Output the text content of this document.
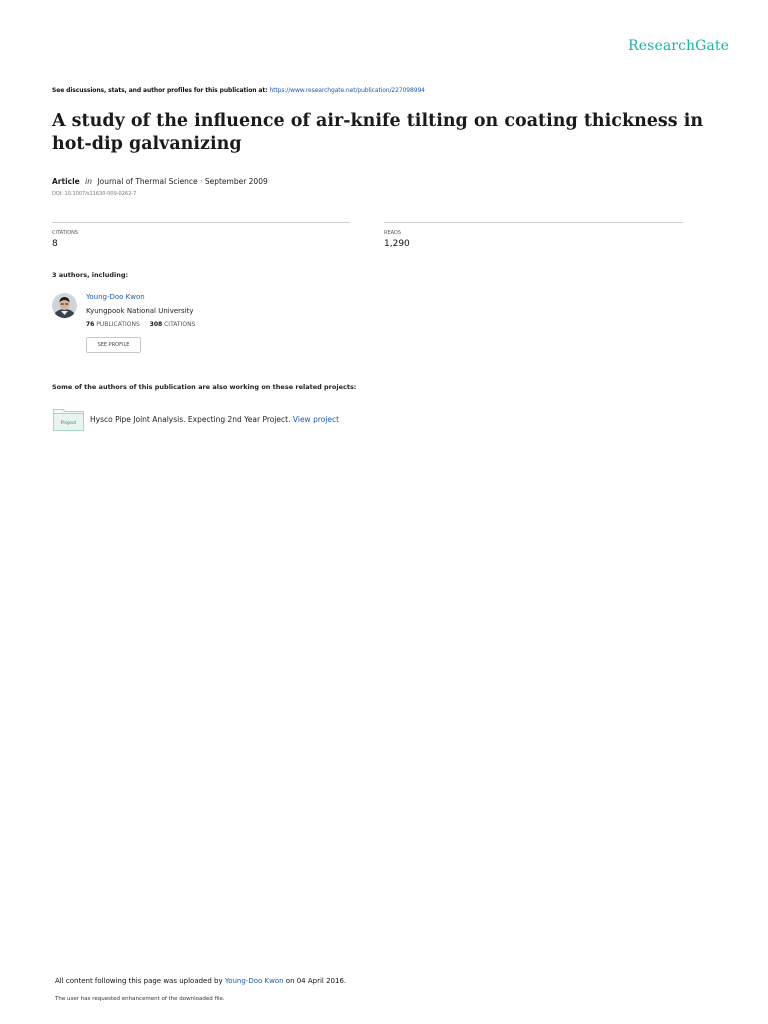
ResearchGate
See discussions, stats, and author profiles for this publication at: https://www.researchgate.net/publication/227098994
A study of the influence of air-knife tilting on coating thickness in hot-dip galvanizing
Article in Journal of Thermal Science · September 2009
DOI: 10.1007/s11630-009-0262-7
CITATIONS
8
READS
1,290
3 authors, including:
Young-Doo Kwon
Kyungpook National University
76 PUBLICATIONS 308 CITATIONS
SEE PROFILE
Some of the authors of this publication are also working on these related projects:
Project Hysco Pipe Joint Analysis. Expecting 2nd Year Project. View project
All content following this page was uploaded by Young-Doo Kwon on 04 April 2016.
The user has requested enhancement of the downloaded file.
